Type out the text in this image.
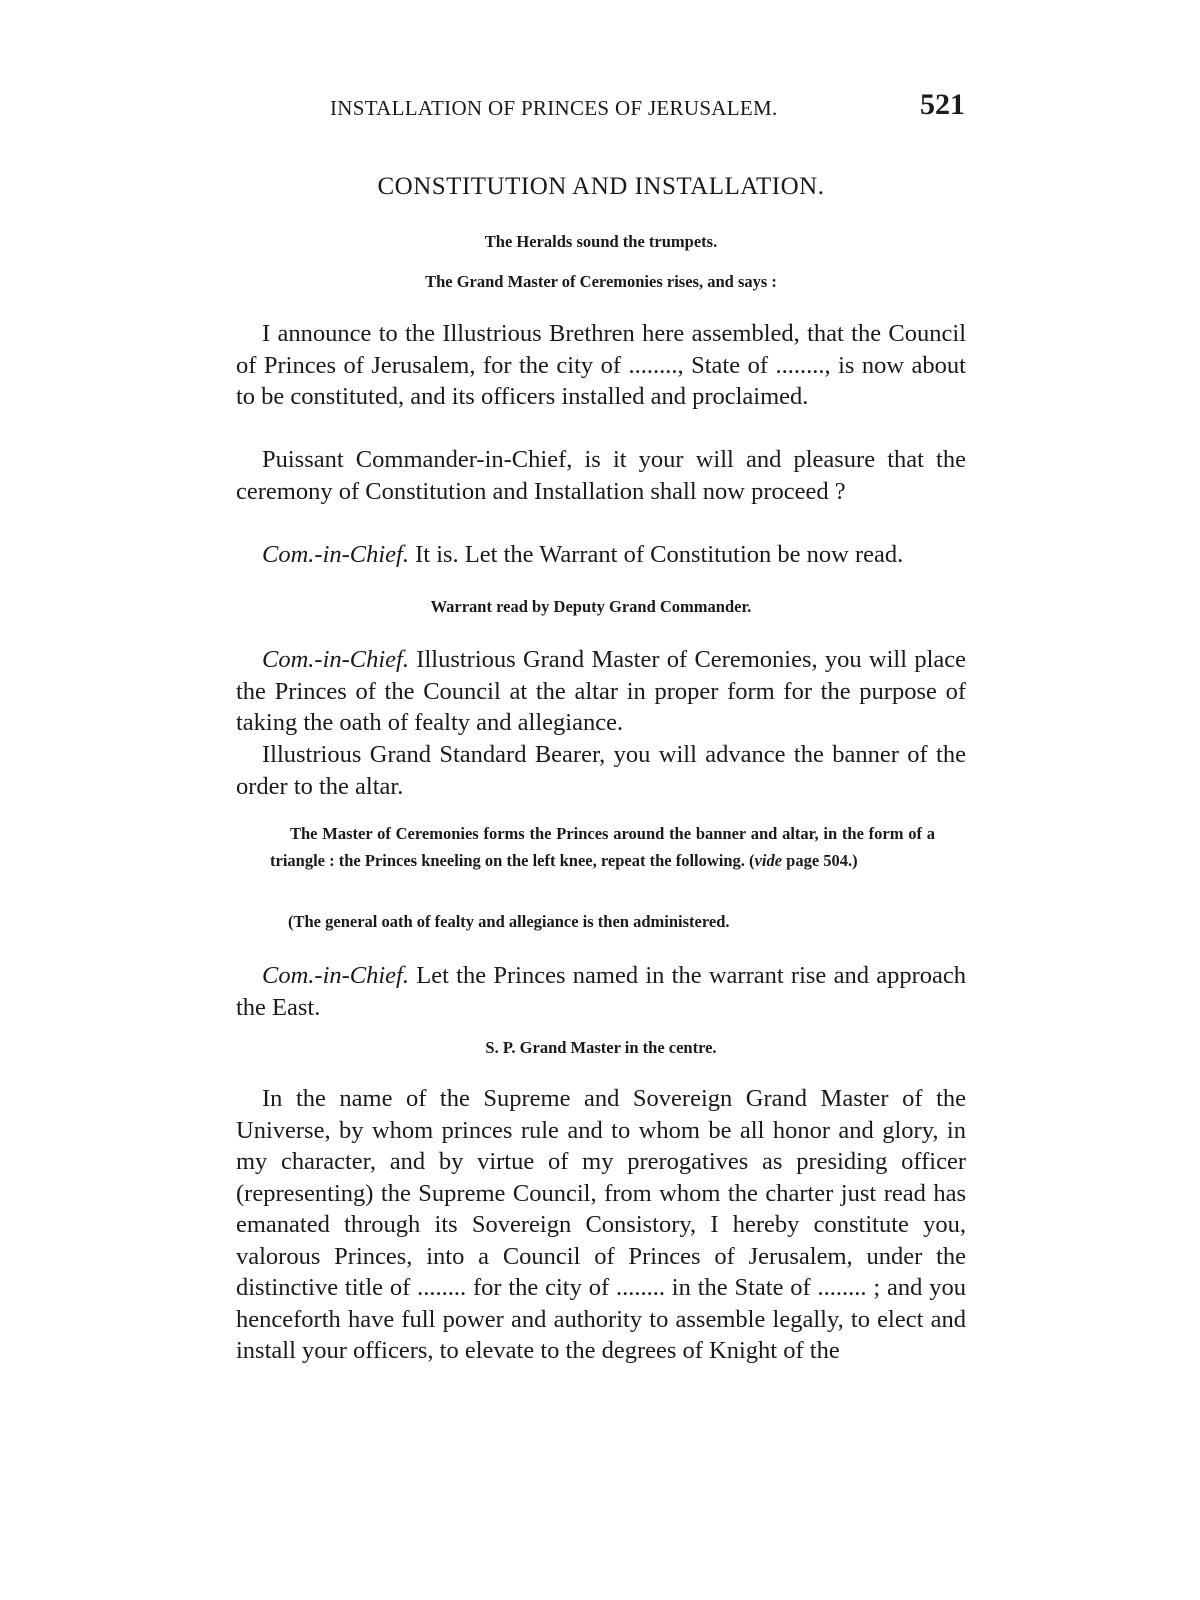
INSTALLATION OF PRINCES OF JERUSALEM.	521
CONSTITUTION AND INSTALLATION.
The Heralds sound the trumpets.
The Grand Master of Ceremonies rises, and says :

I announce to the Illustrious Brethren here assembled, that the Council of Princes of Jerusalem, for the city of ........, State of ........, is now about to be constituted, and its officers installed and proclaimed.

Puissant Commander-in-Chief, is it your will and pleasure that the ceremony of Constitution and Installation shall now proceed ?

Com.-in-Chief. It is. Let the Warrant of Constitution be now read.

Warrant read by Deputy Grand Commander.

Com.-in-Chief. Illustrious Grand Master of Ceremonies, you will place the Princes of the Council at the altar in proper form for the purpose of taking the oath of fealty and allegiance.

Illustrious Grand Standard Bearer, you will advance the banner of the order to the altar.

The Master of Ceremonies forms the Princes around the banner and altar, in the form of a triangle : the Princes kneeling on the left knee, repeat the following. (vide page 504.)

(The general oath of fealty and allegiance is then administered.

Com.-in-Chief. Let the Princes named in the warrant rise and approach the East.

S. P. Grand Master in the centre.

In the name of the Supreme and Sovereign Grand Master of the Universe, by whom princes rule and to whom be all honor and glory, in my character, and by virtue of my prerogatives as presiding officer (representing) the Supreme Council, from whom the charter just read has emanated through its Sovereign Consistory, I hereby constitute you, valorous Princes, into a Council of Princes of Jerusalem, under the distinctive title of ........ for the city of ........ in the State of ........ ; and you henceforth have full power and authority to assemble legally, to elect and install your officers, to elevate to the degrees of Knight of the
